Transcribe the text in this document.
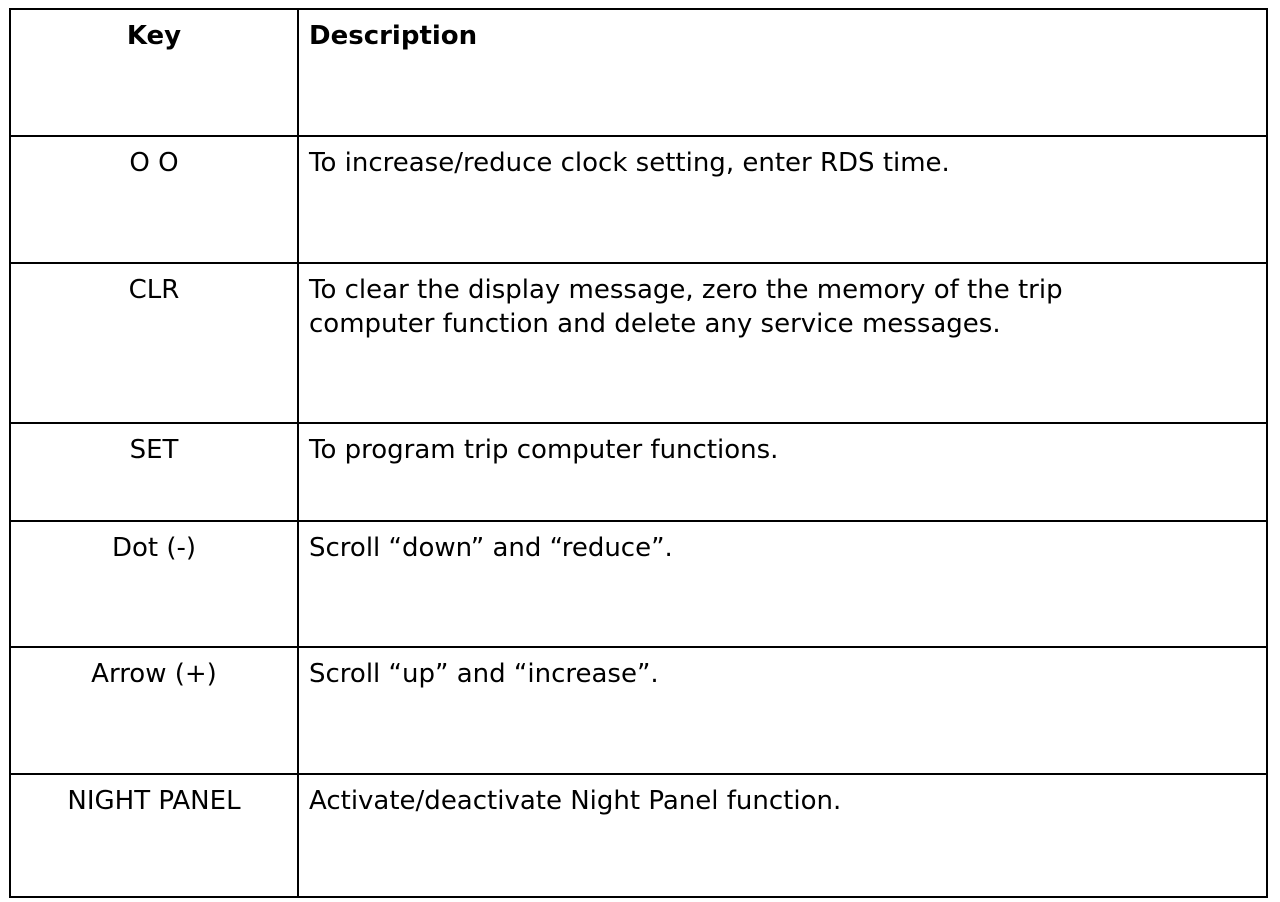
Key	Description
O O	To increase/reduce clock setting, enter RDS time.
CLR	To clear the display message, zero the memory of the trip
computer function and delete any service messages.
SET	To program trip computer functions.
Dot (-)	Scroll “down” and “reduce”.
Arrow (+)	Scroll “up” and “increase”.
NIGHT PANEL	Activate/deactivate Night Panel function.
